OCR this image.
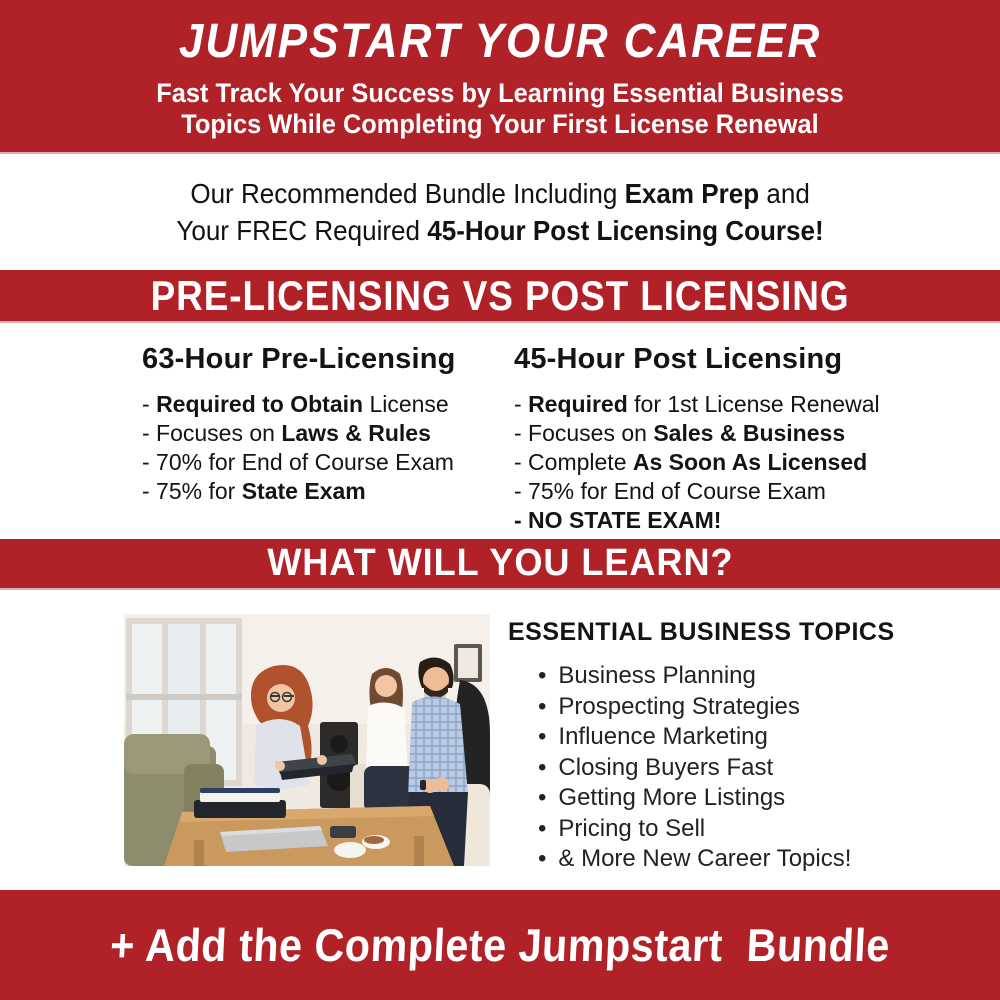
JUMPSTART YOUR CAREER
Fast Track Your Success by Learning Essential Business
Topics While Completing Your First License Renewal

Our Recommended Bundle Including Exam Prep and

Your FREC Required 45-Hour Post Licensing Course!

PRE-LICENSING VS POST LICENSING
63-Hour Pre-Licensing
- Required to Obtain License
- Focuses on Laws & Rules
- 70% for End of Course Exam
- 75% for State Exam
45-Hour Post Licensing
- Required for 1st License Renewal
- Focuses on Sales & Business
- Complete As Soon As Licensed
- 75% for End of Course Exam
- NO STATE EXAM!
WHAT WILL YOU LEARN?
ESSENTIAL BUSINESS TOPICS
• Business Planning
• Prospecting Strategies
• Influence Marketing
• Closing Buyers Fast
• Getting More Listings
• Pricing to Sell
• & More New Career Topics!
+ Add the Complete Jumpstart  Bundle
